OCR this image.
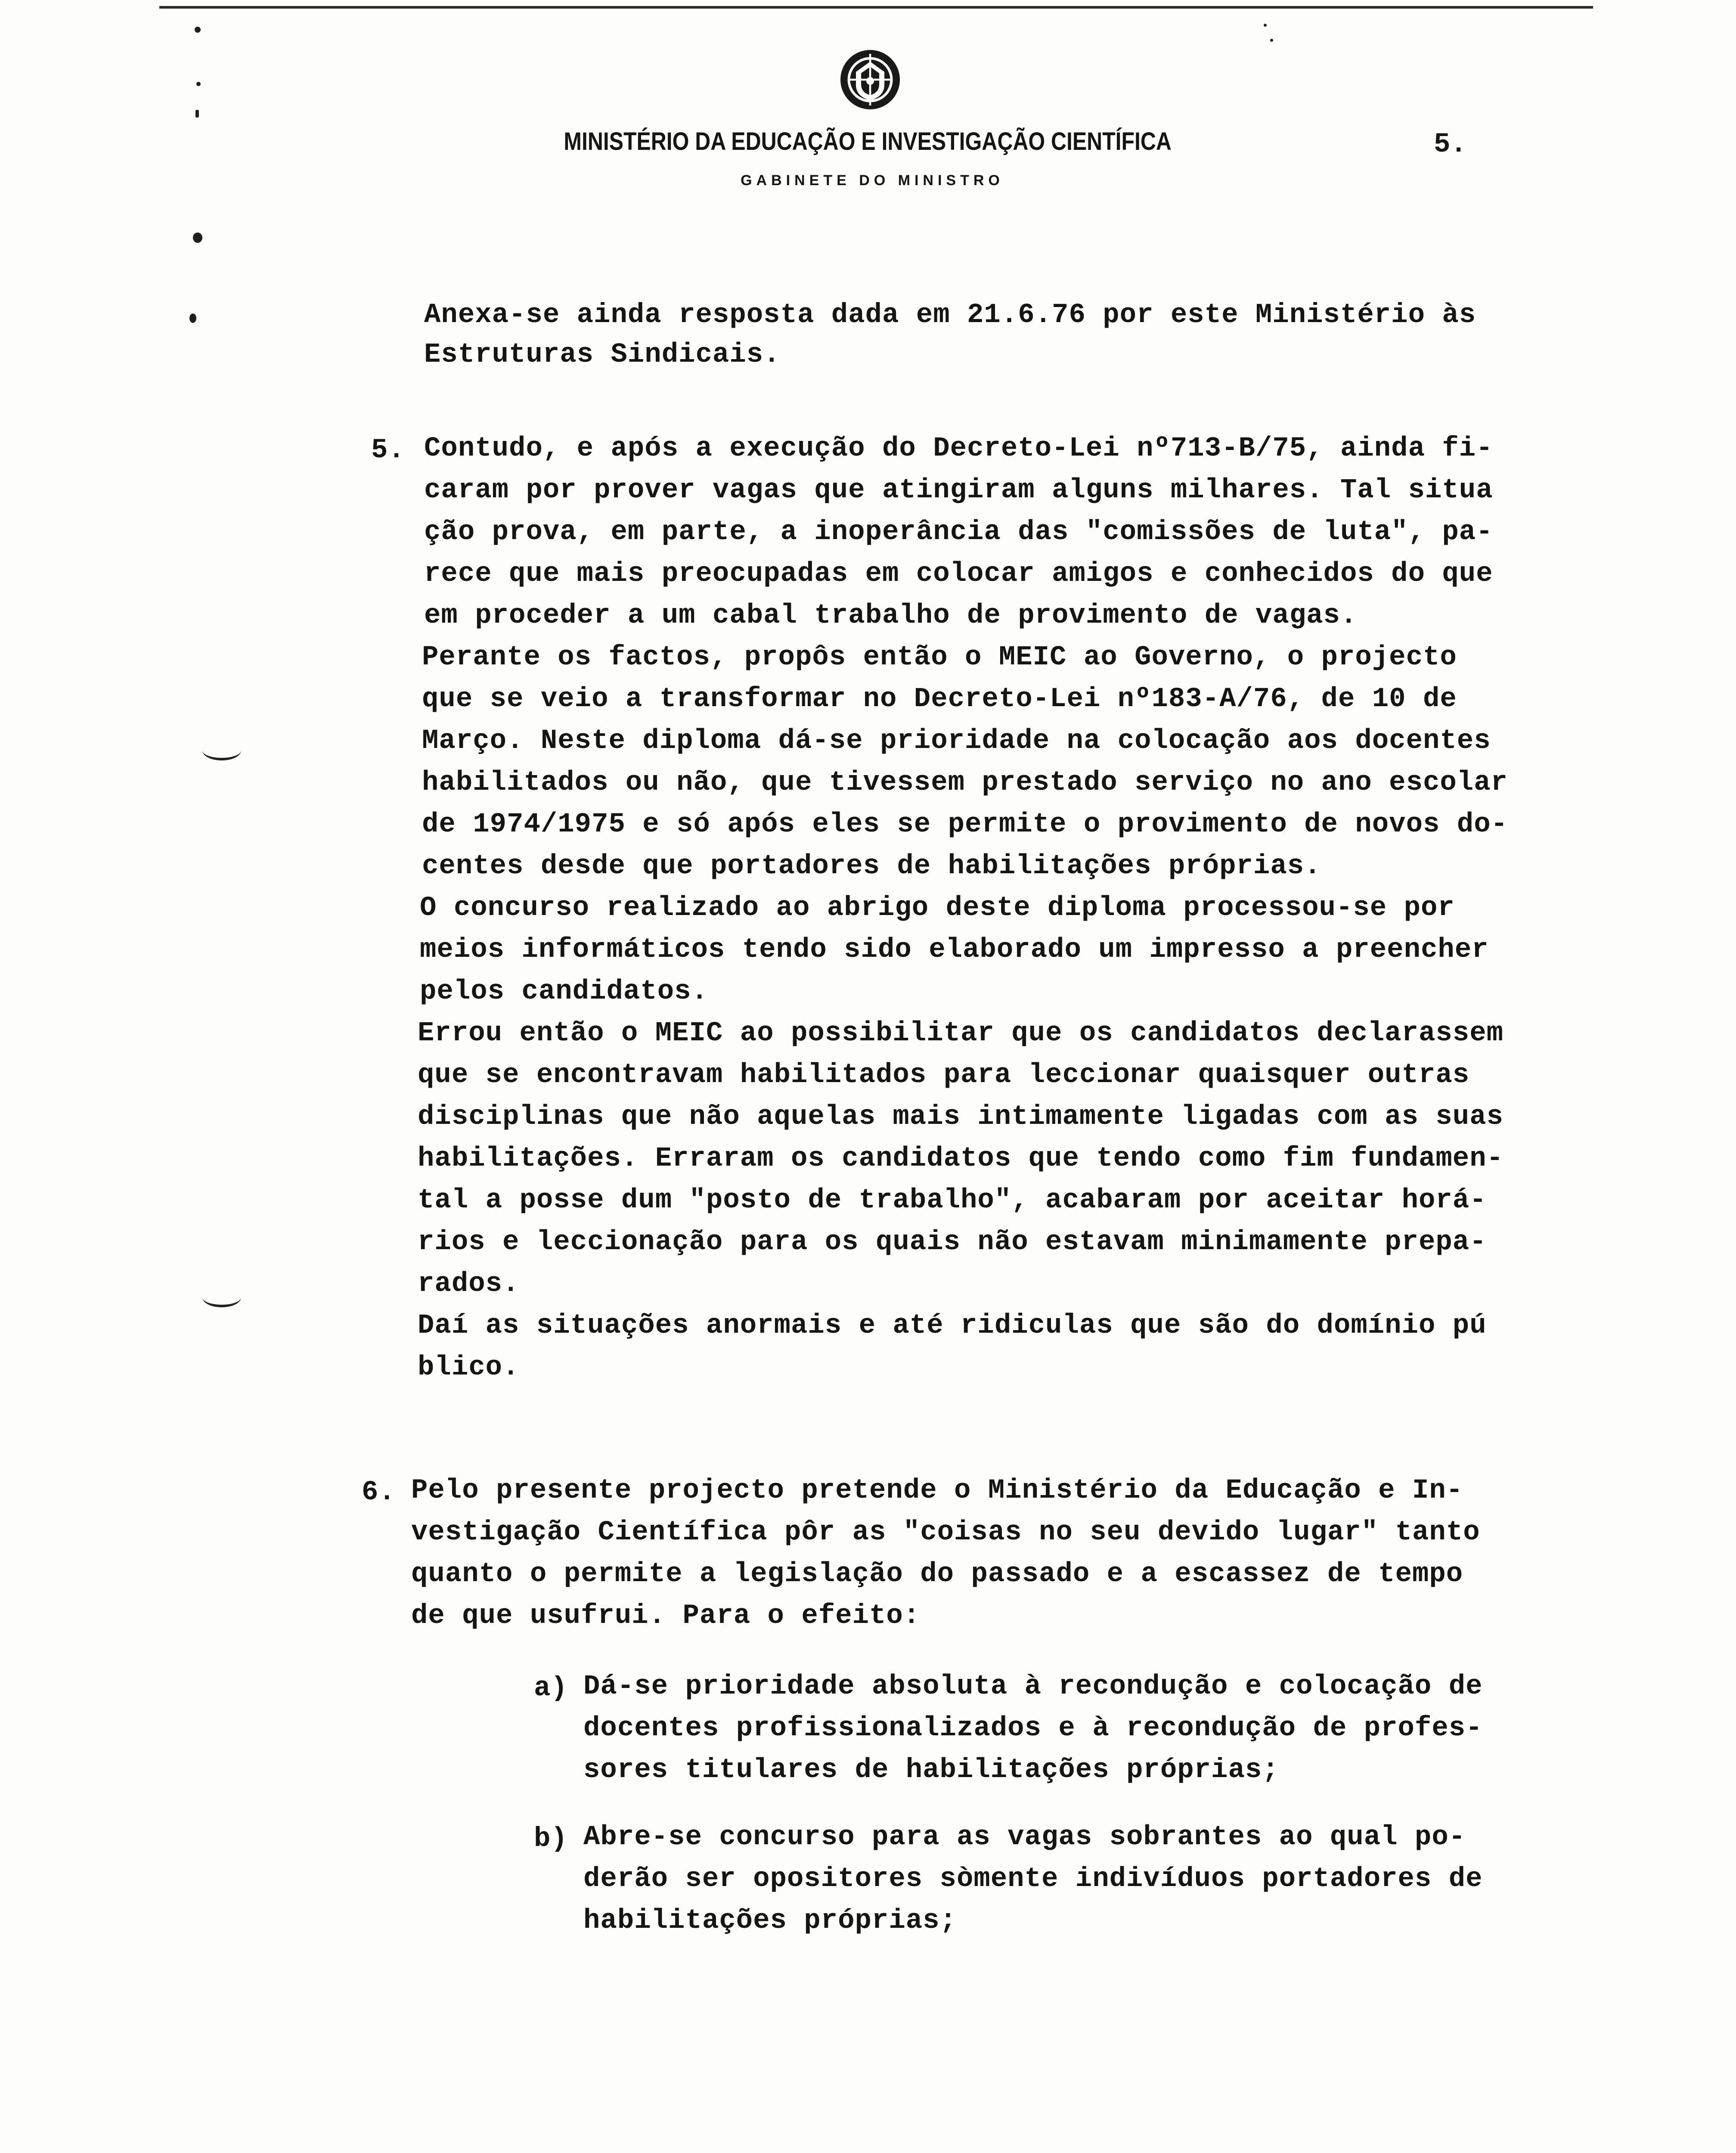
MINISTÉRIO DA EDUCAÇÃO E INVESTIGAÇÃO CIENTÍFICA
GABINETE DO MINISTRO
5.

Anexa-se ainda resposta dada em 21.6.76 por este Ministério às

Estruturas Sindicais.

5.

Contudo, e após a execução do Decreto-Lei nº713-B/75, ainda fi-

caram por prover vagas que atingiram alguns milhares. Tal situa

ção prova, em parte, a inoperância das "comissões de luta", pa-

rece que mais preocupadas em colocar amigos e conhecidos do que

em proceder a um cabal trabalho de provimento de vagas.

Perante os factos, propôs então o MEIC ao Governo, o projecto

que se veio a transformar no Decreto-Lei nº183-A/76, de 10 de

Março. Neste diploma dá-se prioridade na colocação aos docentes

habilitados ou não, que tivessem prestado serviço no ano escolar

de 1974/1975 e só após eles se permite o provimento de novos do-

centes desde que portadores de habilitações próprias.

O concurso realizado ao abrigo deste diploma processou-se por

meios informáticos tendo sido elaborado um impresso a preencher

pelos candidatos.

Errou então o MEIC ao possibilitar que os candidatos declarassem

que se encontravam habilitados para leccionar quaisquer outras

disciplinas que não aquelas mais intimamente ligadas com as suas

habilitações. Erraram os candidatos que tendo como fim fundamen-

tal a posse dum "posto de trabalho", acabaram por aceitar horá-

rios e leccionação para os quais não estavam minimamente prepa-

rados.

Daí as situações anormais e até ridiculas que são do domínio pú

blico.

6.

Pelo presente projecto pretende o Ministério da Educação e In-

vestigação Científica pôr as "coisas no seu devido lugar" tanto

quanto o permite a legislação do passado e a escassez de tempo

de que usufrui. Para o efeito:

a)

Dá-se prioridade absoluta à recondução e colocação de

docentes profissionalizados e à recondução de profes-

sores titulares de habilitações próprias;

b)

Abre-se concurso para as vagas sobrantes ao qual po-

derão ser opositores sòmente indivíduos portadores de

habilitações próprias;
